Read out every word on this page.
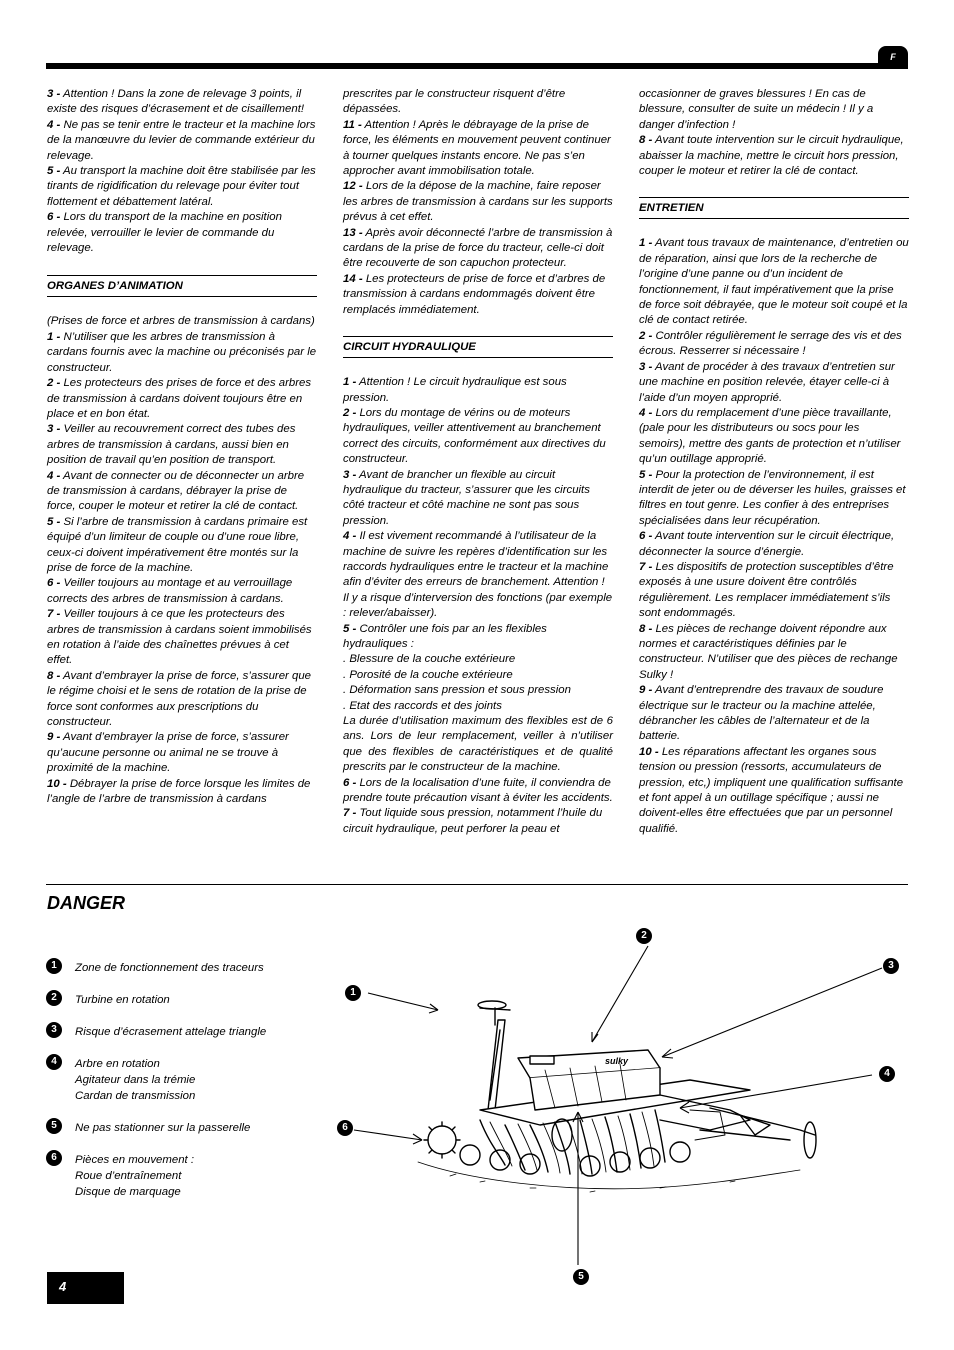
F

3 - Attention ! Dans la zone de relevage 3 points, il existe des risques d’écrasement et de cisaillement!

4 - Ne pas se tenir entre le tracteur et la machine lors de la manœuvre du levier de commande extérieur du relevage.

5 - Au transport la machine doit être stabilisée par les tirants de rigidification du relevage pour éviter tout flottement et débattement latéral.

6 - Lors du transport de la machine en position relevée, verrouiller le levier de commande du relevage.

ORGANES D’ANIMATION

(Prises de force et arbres de transmission à cardans)

1 - N’utiliser que les arbres de transmission à cardans fournis avec la machine ou préconisés par le constructeur.

2 - Les protecteurs des prises de force et des arbres de transmission à cardans doivent toujours être en place et en bon état.

3 - Veiller au recouvrement correct des tubes des arbres de transmission à cardans, aussi bien en position de travail qu’en position de transport.

4 - Avant de connecter ou de déconnecter un arbre de transmission à cardans, débrayer la prise de force, couper le moteur et retirer la clé de contact.

5 - Si l’arbre de transmission à cardans primaire est équipé d’un limiteur de couple ou d’une roue libre, ceux-ci doivent impérativement être montés sur la prise de force de la machine.

6 - Veiller toujours au montage et au verrouillage corrects des arbres de transmission à cardans.

7 - Veiller toujours à ce que les protecteurs des arbres de transmission à cardans soient immobilisés en rotation à l’aide des chaînettes prévues à cet effet.

8 - Avant d’embrayer la prise de force, s’assurer que le régime choisi et le sens de rotation de la prise de force sont conformes aux prescriptions du constructeur.

9 - Avant d’embrayer la prise de force, s’assurer qu’aucune personne ou animal ne se trouve à proximité de la machine.

10 - Débrayer la prise de force lorsque les limites de l’angle de l’arbre de transmission à cardans

prescrites par le constructeur risquent d’être dépassées.

11 - Attention ! Après le débrayage de la prise de force, les éléments en mouvement peuvent continuer à tourner quelques instants encore. Ne pas s’en approcher avant immobilisation totale.

12 - Lors de la dépose de la machine, faire reposer les arbres de transmission à cardans sur les supports prévus à cet effet.

13 - Après avoir déconnecté l’arbre de transmission à cardans de la prise de force du tracteur, celle-ci doit être recouverte de son capuchon protecteur.

14 - Les protecteurs de prise de force et d’arbres de transmission à cardans endommagés doivent être remplacés immédiatement.

CIRCUIT HYDRAULIQUE

1 - Attention ! Le circuit hydraulique est sous pression.

2 - Lors du montage de vérins ou de moteurs hydrauliques, veiller attentivement au branchement correct des circuits, conformément aux directives du constructeur.

3 - Avant de brancher un flexible au circuit hydraulique du tracteur, s’assurer que les circuits côté tracteur et côté machine ne sont pas sous pression.

4 - Il est vivement recommandé à l’utilisateur de la machine de suivre les repères d’identification sur les raccords hydrauliques entre le tracteur et la machine afin d’éviter des erreurs de branchement. Attention ! Il y a risque d’interversion des fonctions (par exemple : relever/abaisser).

5 - Contrôler une fois par an les flexibles hydrauliques :

. Blessure de la couche extérieure

. Porosité de la couche extérieure

. Déformation sans pression et sous pression

. Etat des raccords et des joints

La durée d’utilisation maximum des flexibles est de 6 ans. Lors de leur remplacement, veiller à n’utiliser que des flexibles de caractéristiques et de qualité prescrits par le constructeur de la machine.

6 - Lors de la localisation d’une fuite, il conviendra de prendre toute précaution visant à éviter les accidents.

7 - Tout liquide sous pression, notamment l’huile du circuit hydraulique, peut perforer la peau et

occasionner de graves blessures ! En cas de blessure, consulter de suite un médecin ! Il y a danger d’infection !

8 - Avant toute intervention sur le circuit hydraulique, abaisser la machine, mettre le circuit hors pression, couper le moteur et retirer la clé de contact.

ENTRETIEN

1 - Avant tous travaux de maintenance, d’entretien ou de réparation, ainsi que lors de la recherche de l’origine d’une panne ou d’un incident de fonctionnement, il faut impérativement que la prise de force soit débrayée, que le moteur soit coupé et la clé de contact retirée.

2 - Contrôler régulièrement le serrage des vis et des écrous. Resserrer si nécessaire !

3 - Avant de procéder à des travaux d’entretien sur une machine en position relevée, étayer celle-ci à l’aide d’un moyen approprié.

4 - Lors du remplacement d’une pièce travaillante, (pale pour les distributeurs ou socs pour les semoirs), mettre des gants de protection et n’utiliser qu’un outillage approprié.

5 - Pour la protection de l’environnement, il est interdit de jeter ou de déverser les huiles, graisses et filtres en tout genre. Les confier à des entreprises spécialisées dans leur récupération.

6 - Avant toute intervention sur le circuit électrique, déconnecter la source d’énergie.

7 - Les dispositifs de protection susceptibles d’être exposés à une usure doivent être contrôlés régulièrement. Les remplacer immédiatement s’ils sont endommagés.

8 - Les pièces de rechange doivent répondre aux normes et caractéristiques définies par le constructeur. N’utiliser que des pièces de rechange Sulky !

9 - Avant d’entreprendre des travaux de soudure électrique sur le tracteur ou la machine attelée, débrancher les câbles de l’alternateur et de la batterie.

10 - Les réparations affectant les organes sous tension ou pression (ressorts, accumulateurs de pression, etc,) impliquent une qualification suffisante et font appel à un outillage spécifique ; aussi ne doivent-elles être effectuées que par un personnel qualifié.

DANGER
1	Zone de fonctionnement des traceurs
2	Turbine en rotation
3	Risque d’écrasement attelage triangle
4	Arbre en rotation
Agitateur dans la trémie
Cardan de transmission
5	Ne pas stationner sur la passerelle
6	Pièces en mouvement :
Roue d’entraînement
Disque de marquage
sulky
1
2
3
4
5
6
4
